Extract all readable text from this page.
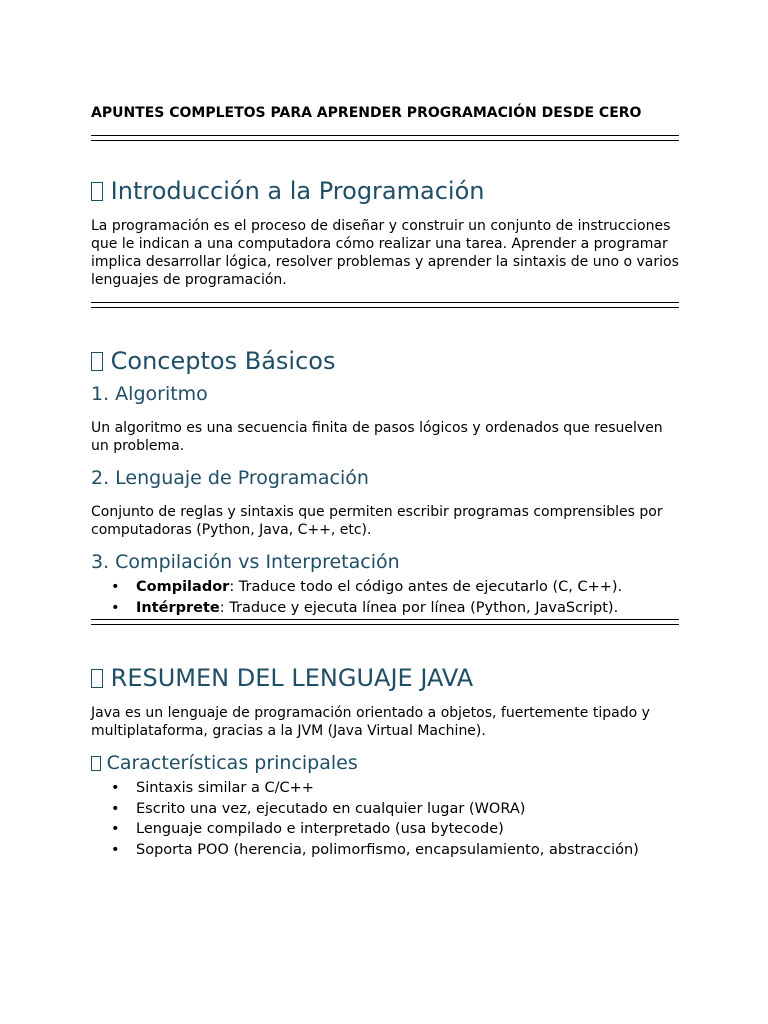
APUNTES COMPLETOS PARA APRENDER PROGRAMACIÓN DESDE CERO
Introducción a la Programación
La programación es el proceso de diseñar y construir un conjunto de instrucciones que le indican a una computadora cómo realizar una tarea. Aprender a programar implica desarrollar lógica, resolver problemas y aprender la sintaxis de uno o varios lenguajes de programación.
Conceptos Básicos
1. Algoritmo
Un algoritmo es una secuencia finita de pasos lógicos y ordenados que resuelven un problema.
2. Lenguaje de Programación
Conjunto de reglas y sintaxis que permiten escribir programas comprensibles por computadoras (Python, Java, C++, etc).
3. Compilación vs Interpretación
• Compilador: Traduce todo el código antes de ejecutarlo (C, C++).
• Intérprete: Traduce y ejecuta línea por línea (Python, JavaScript).
RESUMEN DEL LENGUAJE JAVA
Java es un lenguaje de programación orientado a objetos, fuertemente tipado y multiplataforma, gracias a la JVM (Java Virtual Machine).
Características principales
• Sintaxis similar a C/C++
• Escrito una vez, ejecutado en cualquier lugar (WORA)
• Lenguaje compilado e interpretado (usa bytecode)
• Soporta POO (herencia, polimorfismo, encapsulamiento, abstracción)
